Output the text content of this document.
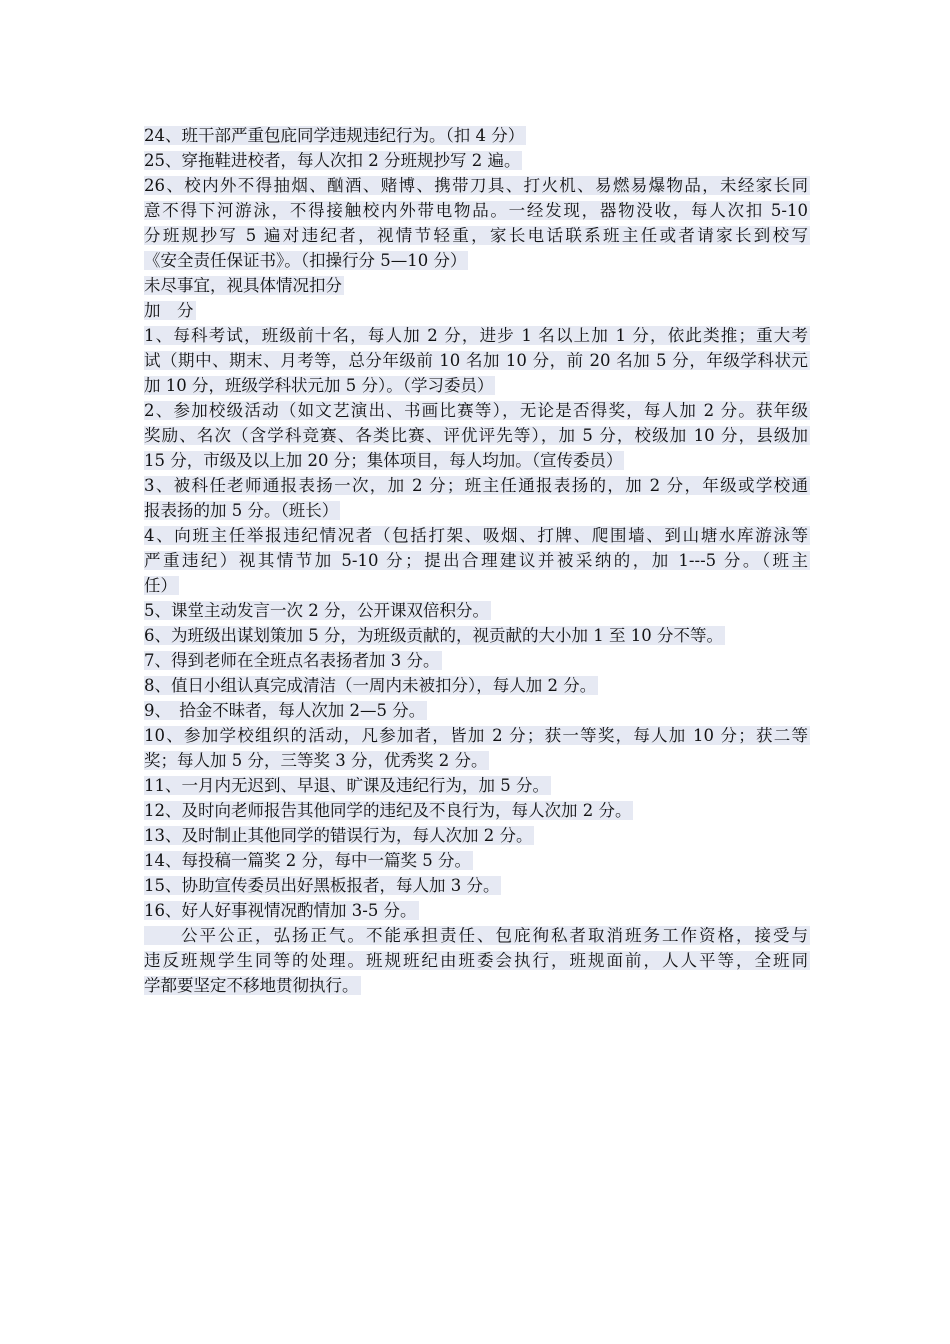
24、班干部严重包庇同学违规违纪行为。（扣 4 分）
25、穿拖鞋进校者，每人次扣 2 分班规抄写 2 遍。
26、校内外不得抽烟、酗酒、赌博、携带刀具、打火机、易燃易爆物品，未经家长同
意不得下河游泳，不得接触校内外带电物品。一经发现，器物没收，每人次扣 5-10
分班规抄写 5 遍对违纪者，视情节轻重，家长电话联系班主任或者请家长到校写
《安全责任保证书》。（扣操行分 5—10 分）
未尽事宜，视具体情况扣分
加　分
1、每科考试，班级前十名，每人加 2 分，进步 1 名以上加 1 分，依此类推；重大考
试（期中、期末、月考等，总分年级前 10 名加 10 分，前 20 名加 5 分，年级学科状元
加 10 分，班级学科状元加 5 分）。（学习委员）
2、参加校级活动（如文艺演出、书画比赛等），无论是否得奖，每人加 2 分。获年级
奖励、名次（含学科竞赛、各类比赛、评优评先等），加 5 分，校级加 10 分，县级加
15 分，市级及以上加 20 分；集体项目，每人均加。（宣传委员）
3、被科任老师通报表扬一次，加 2 分；班主任通报表扬的，加 2 分，年级或学校通
报表扬的加 5 分。（班长）
4、向班主任举报违纪情况者（包括打架、吸烟、打牌、爬围墙、到山塘水库游泳等
严重违纪）视其情节加 5-10 分；提出合理建议并被采纳的，加 1---5 分。（班主
任）
5、课堂主动发言一次 2 分，公开课双倍积分。
6、为班级出谋划策加 5 分，为班级贡献的，视贡献的大小加 1 至 10 分不等。
7、得到老师在全班点名表扬者加 3 分。
8、值日小组认真完成清洁（一周内未被扣分），每人加 2 分。
9、　拾金不昧者，每人次加 2—5 分。
10、参加学校组织的活动，凡参加者，皆加 2 分；获一等奖，每人加 10 分；获二等
奖；每人加 5 分，三等奖 3 分，优秀奖 2 分。
11、一月内无迟到、早退、旷课及违纪行为，加 5 分。
12、及时向老师报告其他同学的违纪及不良行为，每人次加 2 分。
13、及时制止其他同学的错误行为，每人次加 2 分。
14、每投稿一篇奖 2 分，每中一篇奖 5 分。
15、协助宣传委员出好黑板报者，每人加 3 分。
16、好人好事视情况酌情加 3-5 分。
　　公平公正，弘扬正气。不能承担责任、包庇徇私者取消班务工作资格，接受与
违反班规学生同等的处理。班规班纪由班委会执行，班规面前，人人平等，全班同
学都要坚定不移地贯彻执行。
